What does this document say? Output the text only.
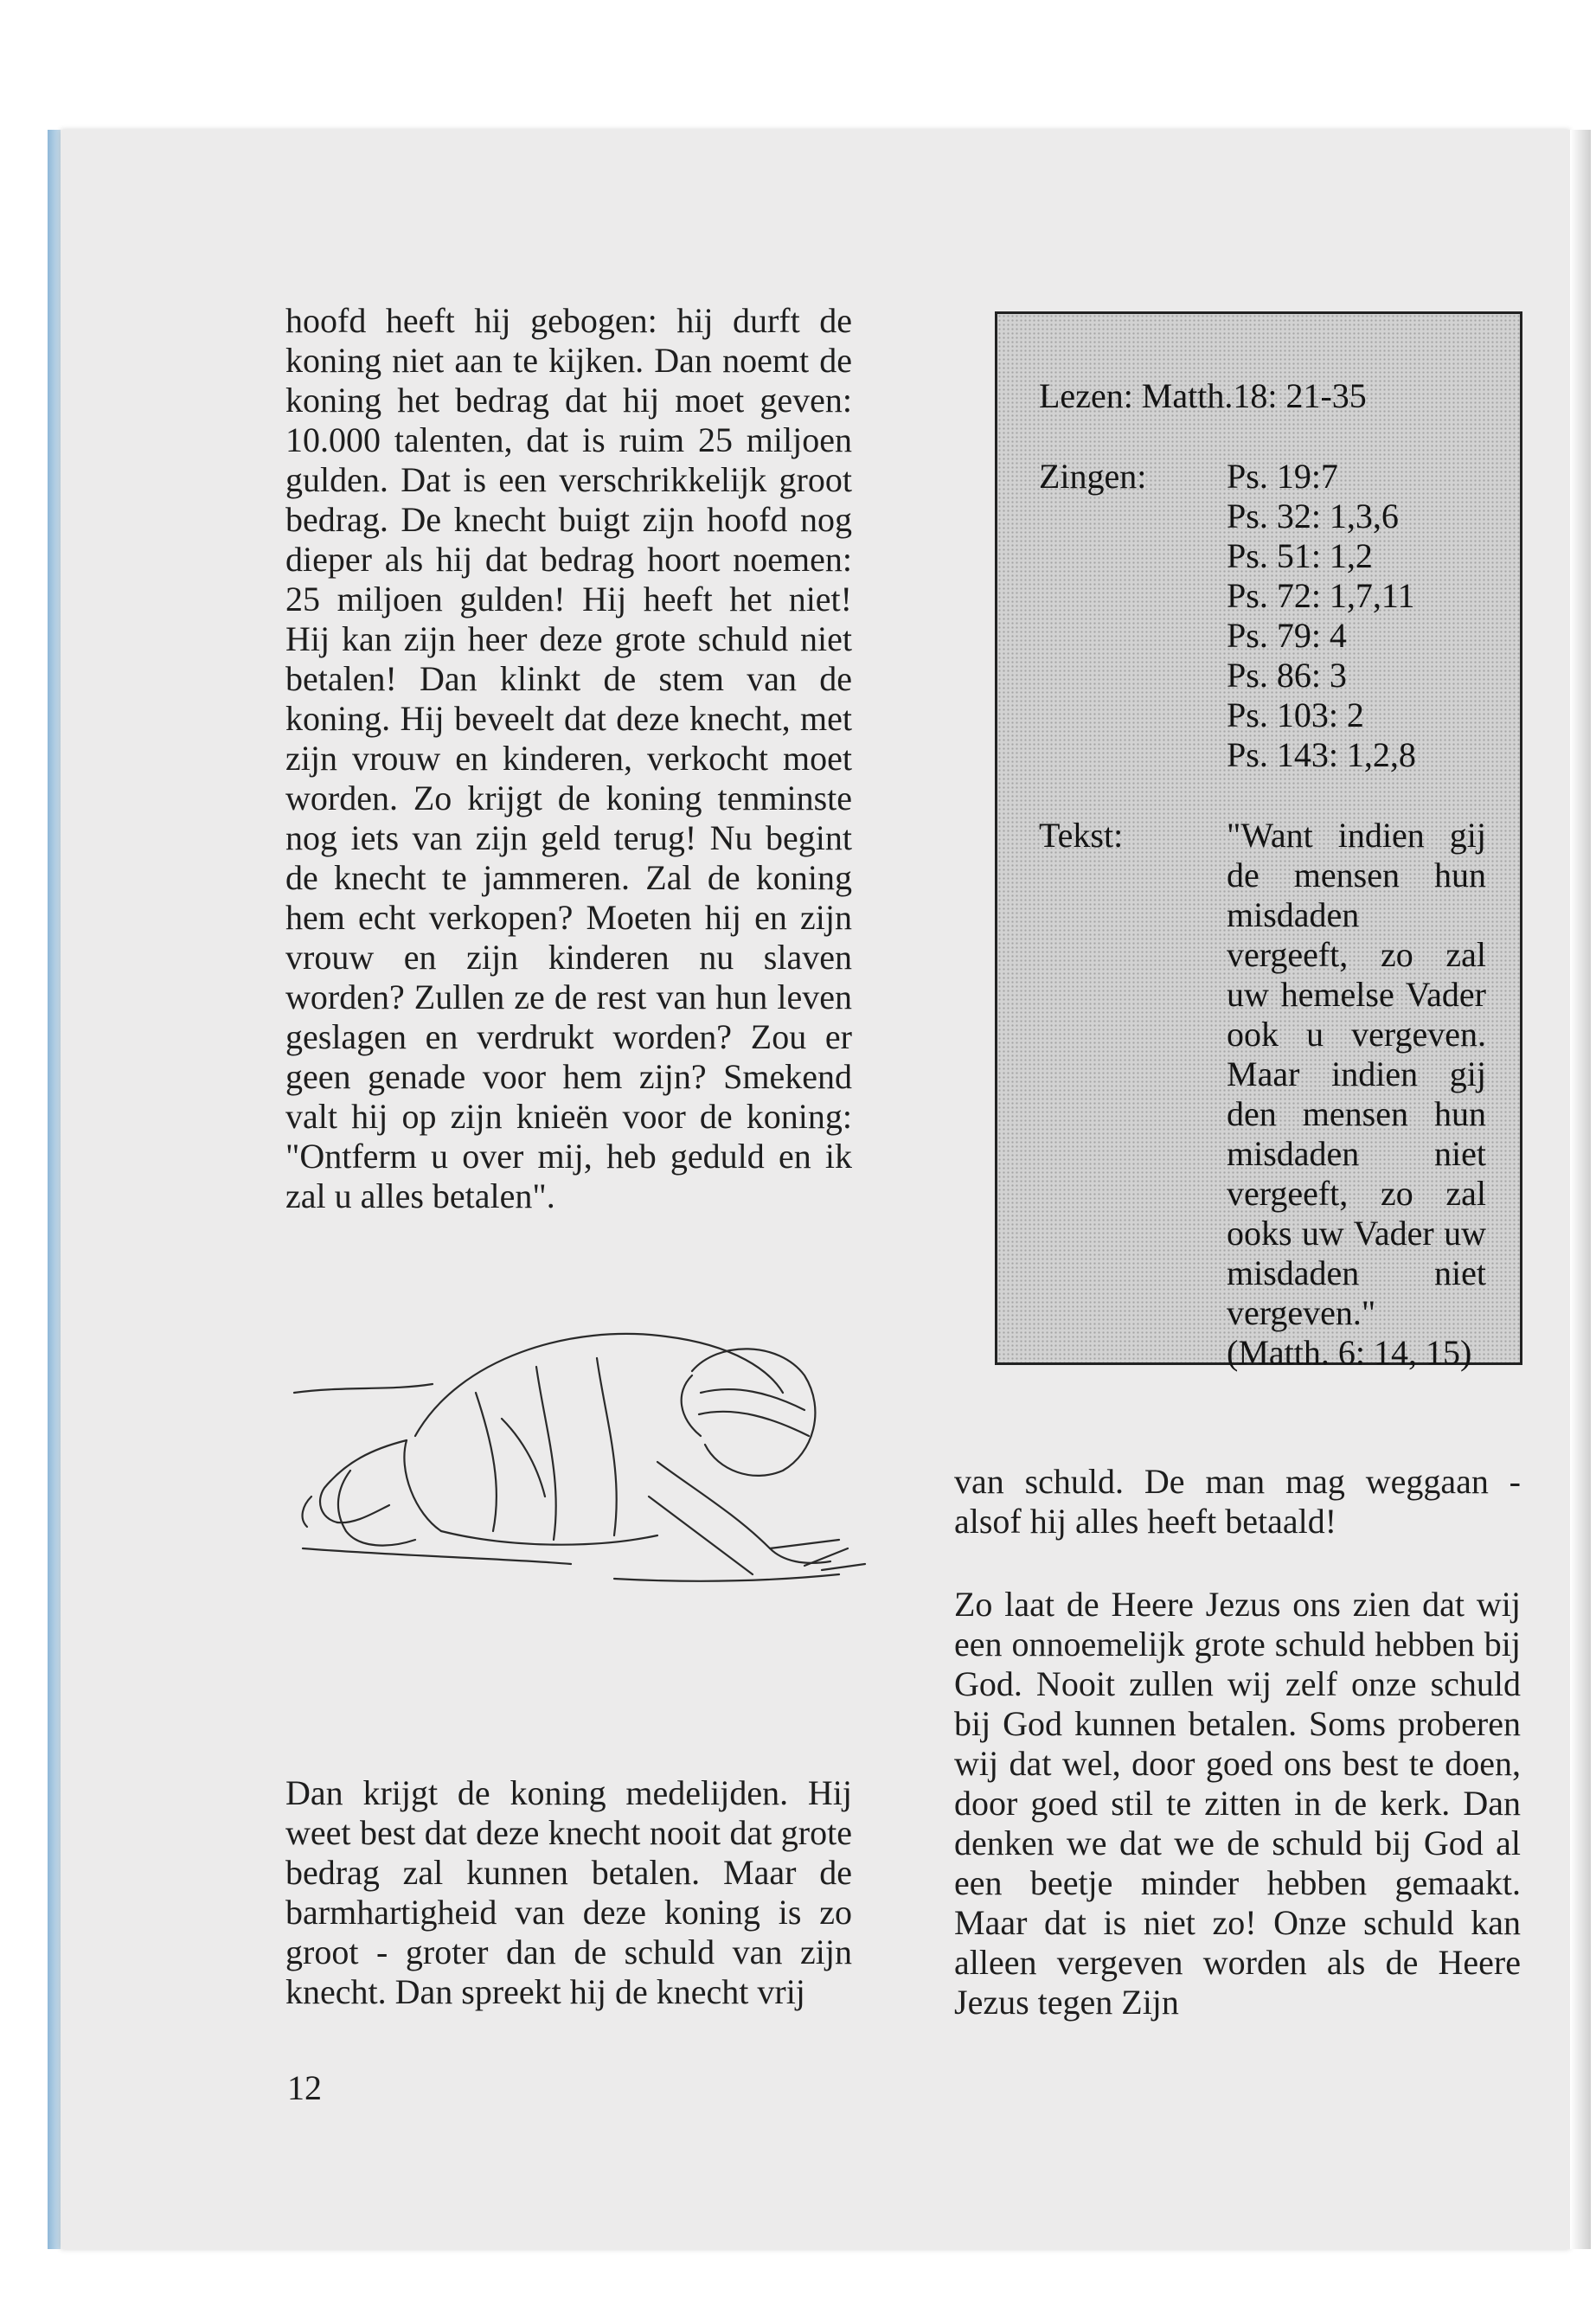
hoofd heeft hij gebogen: hij durft de koning niet aan te kijken. Dan noemt de koning het bedrag dat hij moet geven: 10.000 talenten, dat is ruim 25 miljoen gulden. Dat is een verschrikkelijk groot bedrag. De knecht buigt zijn hoofd nog dieper als hij dat bedrag hoort noemen: 25 miljoen gulden! Hij heeft het niet! Hij kan zijn heer deze grote schuld niet betalen! Dan klinkt de stem van de koning. Hij beveelt dat deze knecht, met zijn vrouw en kinderen, verkocht moet worden. Zo krijgt de koning tenminste nog iets van zijn geld terug! Nu begint de knecht te jammeren. Zal de koning hem echt verkopen? Moeten hij en zijn vrouw en zijn kinderen nu slaven worden? Zullen ze de rest van hun leven geslagen en verdrukt worden? Zou er geen genade voor hem zijn? Smekend valt hij op zijn knieën voor de koning: "Ontferm u over mij, heb geduld en ik zal u alles betalen".

Dan krijgt de koning medelijden. Hij weet best dat deze knecht nooit dat grote bedrag zal kunnen betalen. Maar de barmhartigheid van deze koning is zo groot - groter dan de schuld van zijn knecht. Dan spreekt hij de knecht vrij

Lezen: Matth.18: 21-35
Zingen: Ps. 19:7
Ps. 32: 1,3,6
Ps. 51: 1,2
Ps. 72: 1,7,11
Ps. 79: 4
Ps. 86: 3
Ps. 103: 2
Ps. 143: 1,2,8
Tekst:	"Want indien gij de mensen hun misdaden vergeeft, zo zal uw hemelse Vader ook u vergeven. Maar indien gij den mensen hun misdaden niet vergeeft, zo zal ooks uw Vader uw misdaden niet vergeven."
(Matth. 6: 14, 15)

van schuld. De man mag weggaan - alsof hij alles heeft betaald!

Zo laat de Heere Jezus ons zien dat wij een onnoemelijk grote schuld hebben bij God. Nooit zullen wij zelf onze schuld bij God kunnen betalen. Soms proberen wij dat wel, door goed ons best te doen, door goed stil te zitten in de kerk. Dan denken we dat we de schuld bij God al een beetje minder hebben gemaakt. Maar dat is niet zo! Onze schuld kan alleen vergeven worden als de Heere Jezus tegen Zijn

12
